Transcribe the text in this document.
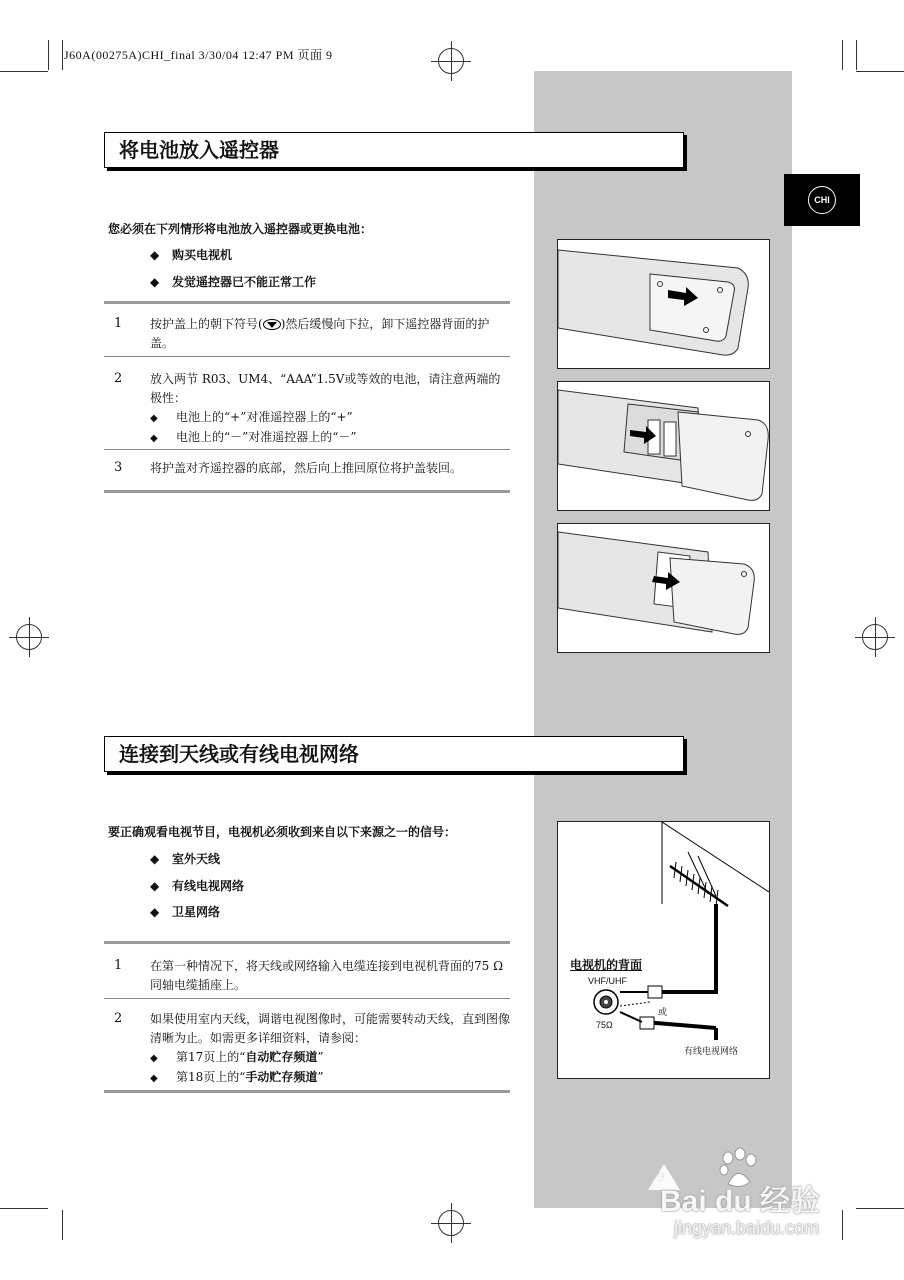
J60A(00275A)CHI_final 3/30/04 12:47 PM 页面 9
CHI
将电池放入遥控器
您必须在下列情形将电池放入遥控器或更换电池：
◆ 购买电视机
◆ 发觉遥控器已不能正常工作
1 按护盖上的朝下符号( )然后缓慢向下拉，卸下遥控器背面的护盖。
2 放入两节 R03、UM4、“AAA”1.5V或等效的电池，请注意两端的极性：
◆ 电池上的“+”对准遥控器上的“+”
◆ 电池上的“－”对准遥控器上的“－”
3 将护盖对齐遥控器的底部，然后向上推回原位将护盖装回。
连接到天线或有线电视网络
要正确观看电视节目，电视机必须收到来自以下来源之一的信号：
◆ 室外天线
◆ 有线电视网络
◆ 卫星网络
1 在第一种情况下，将天线或网络输入电缆连接到电视机背面的75 Ω 同轴电缆插座上。
2 如果使用室内天线，调谐电视图像时，可能需要转动天线，直到图像清晰为止。如需更多详细资料，请参阅：
◆ 第17页上的“自动贮存频道”
◆ 第18页上的“手动贮存频道”
电视机的背面
VHF/UHF
75Ω
或
有线电视网络
Bai du 经验
jingyan.baidu.com
